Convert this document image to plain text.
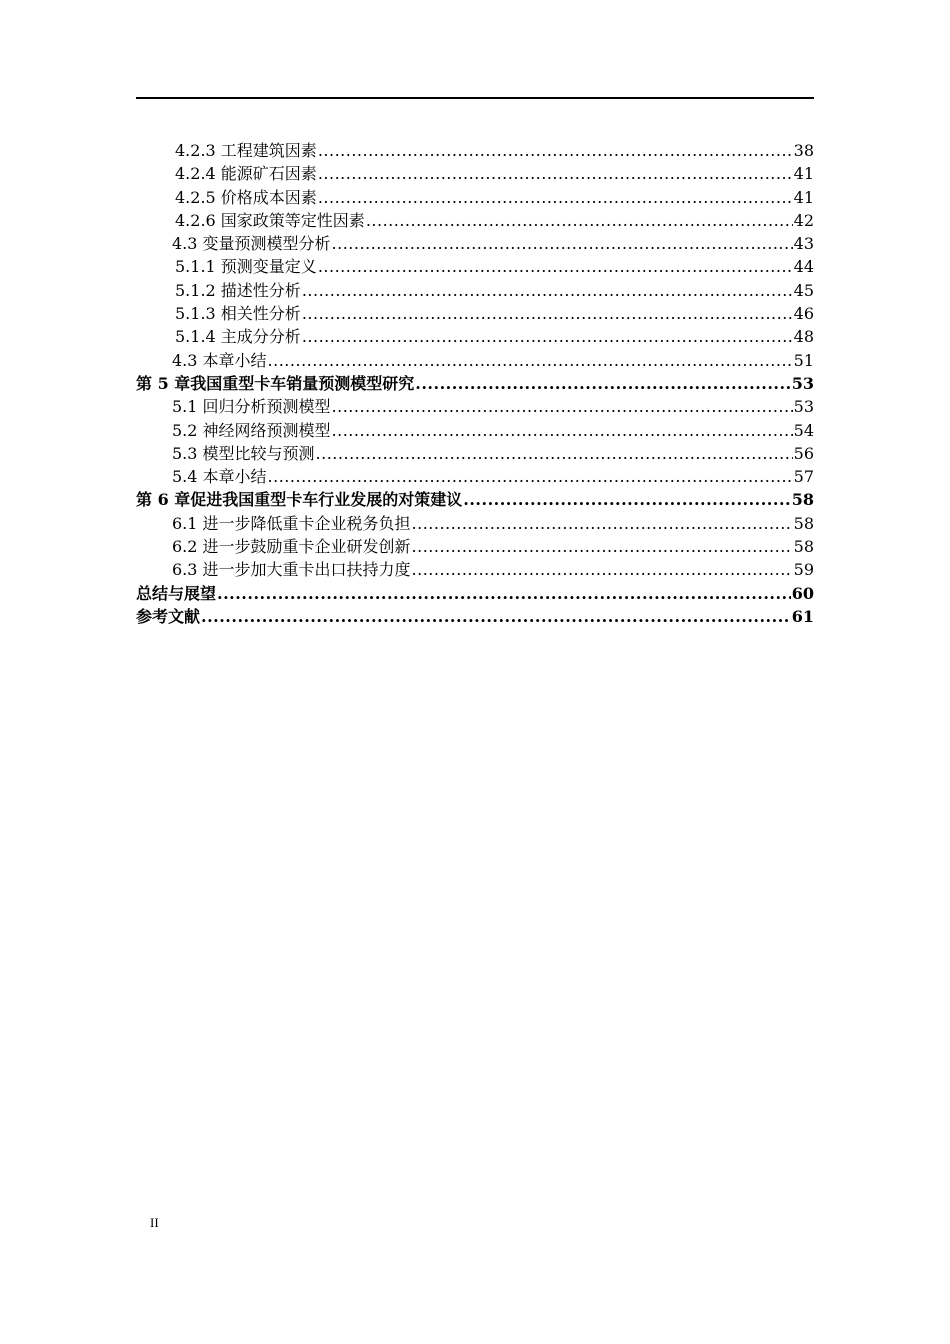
4.2.3 工程建筑因素 .....	38
4.2.4 能源矿石因素 .....	41
4.2.5 价格成本因素 .....	41
4.2.6 国家政策等定性因素 .....	42
4.3 变量预测模型分析 .....	43
5.1.1 预测变量定义 .....	44
5.1.2 描述性分析 .....	45
5.1.3 相关性分析 .....	46
5.1.4 主成分分析 .....	48
4.3 本章小结 .....	51
第 5 章我国重型卡车销量预测模型研究 .....	53
5.1 回归分析预测模型 .....	53
5.2 神经网络预测模型 .....	54
5.3 模型比较与预测 .....	56
5.4 本章小结 .....	57
第 6 章促进我国重型卡车行业发展的对策建议 .....	58
6.1 进一步降低重卡企业税务负担 .....	58
6.2 进一步鼓励重卡企业研发创新 .....	58
6.3 进一步加大重卡出口扶持力度 .....	59
总结与展望 .....	60
参考文献 .....	61
II
